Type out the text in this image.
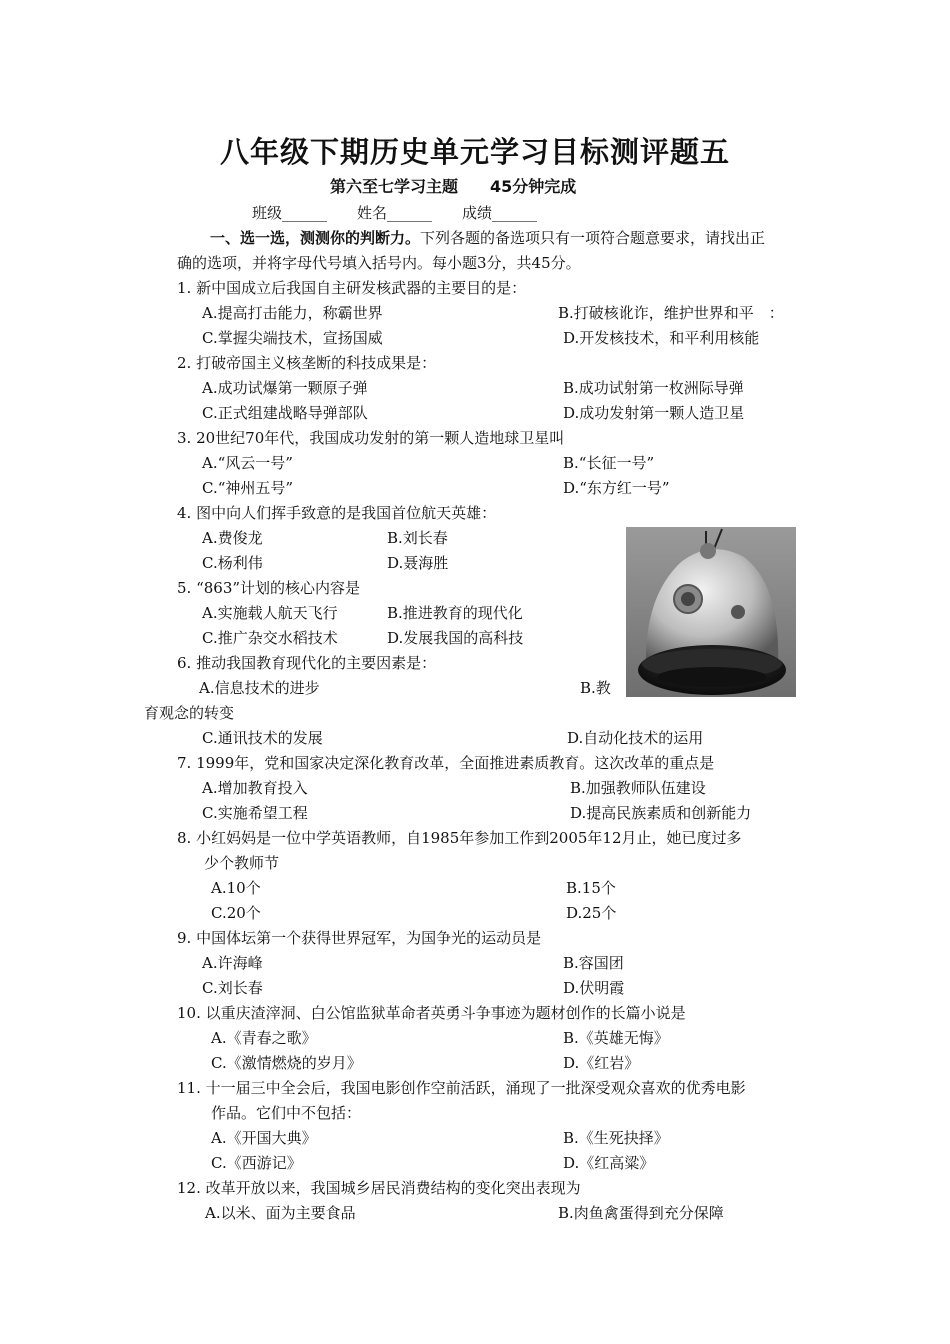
八年级下期历史单元学习目标测评题五
第六至七学习主题　　45分钟完成
班级______　　姓名______　　成绩______
一、选一选，测测你的判断力。下列各题的备选项只有一项符合题意要求，请找出正
确的选项，并将字母代号填入括号内。每小题3分，共45分。
1. 新中国成立后我国自主研发核武器的主要目的是：
A.提高打击能力，称霸世界	B.打破核讹诈，维护世界和平　：
C.掌握尖端技术，宣扬国威	D.开发核技术，和平利用核能
2. 打破帝国主义核垄断的科技成果是：
A.成功试爆第一颗原子弹	B.成功试射第一枚洲际导弹
C.正式组建战略导弹部队	D.成功发射第一颗人造卫星
3. 20世纪70年代，我国成功发射的第一颗人造地球卫星叫
A.“风云一号”	B.“长征一号”
C.“神州五号”	D.“东方红一号”
4. 图中向人们挥手致意的是我国首位航天英雄：
A.费俊龙	B.刘长春
C.杨利伟	D.聂海胜
5. “863”计划的核心内容是
A.实施载人航天飞行	B.推进教育的现代化
C.推广杂交水稻技术	D.发展我国的高科技
6. 推动我国教育现代化的主要因素是：
A.信息技术的进步	B.教
育观念的转变
C.通讯技术的发展	D.自动化技术的运用
7. 1999年，党和国家决定深化教育改革，全面推进素质教育。这次改革的重点是
A.增加教育投入	B.加强教师队伍建设
C.实施希望工程	D.提高民族素质和创新能力
8. 小红妈妈是一位中学英语教师，自1985年参加工作到2005年12月止，她已度过多
少个教师节
A.10个	B.15个
C.20个	D.25个
9. 中国体坛第一个获得世界冠军，为国争光的运动员是
A.许海峰	B.容国团
C.刘长春	D.伏明霞
10. 以重庆渣滓洞、白公馆监狱革命者英勇斗争事迹为题材创作的长篇小说是
A.《青春之歌》	B.《英雄无悔》
C.《激情燃烧的岁月》	D.《红岩》
11. 十一届三中全会后，我国电影创作空前活跃，涌现了一批深受观众喜欢的优秀电影
作品。它们中不包括：
A.《开国大典》	B.《生死抉择》
C.《西游记》	D.《红高粱》
12. 改革开放以来，我国城乡居民消费结构的变化突出表现为
A.以米、面为主要食品	B.肉鱼禽蛋得到充分保障
